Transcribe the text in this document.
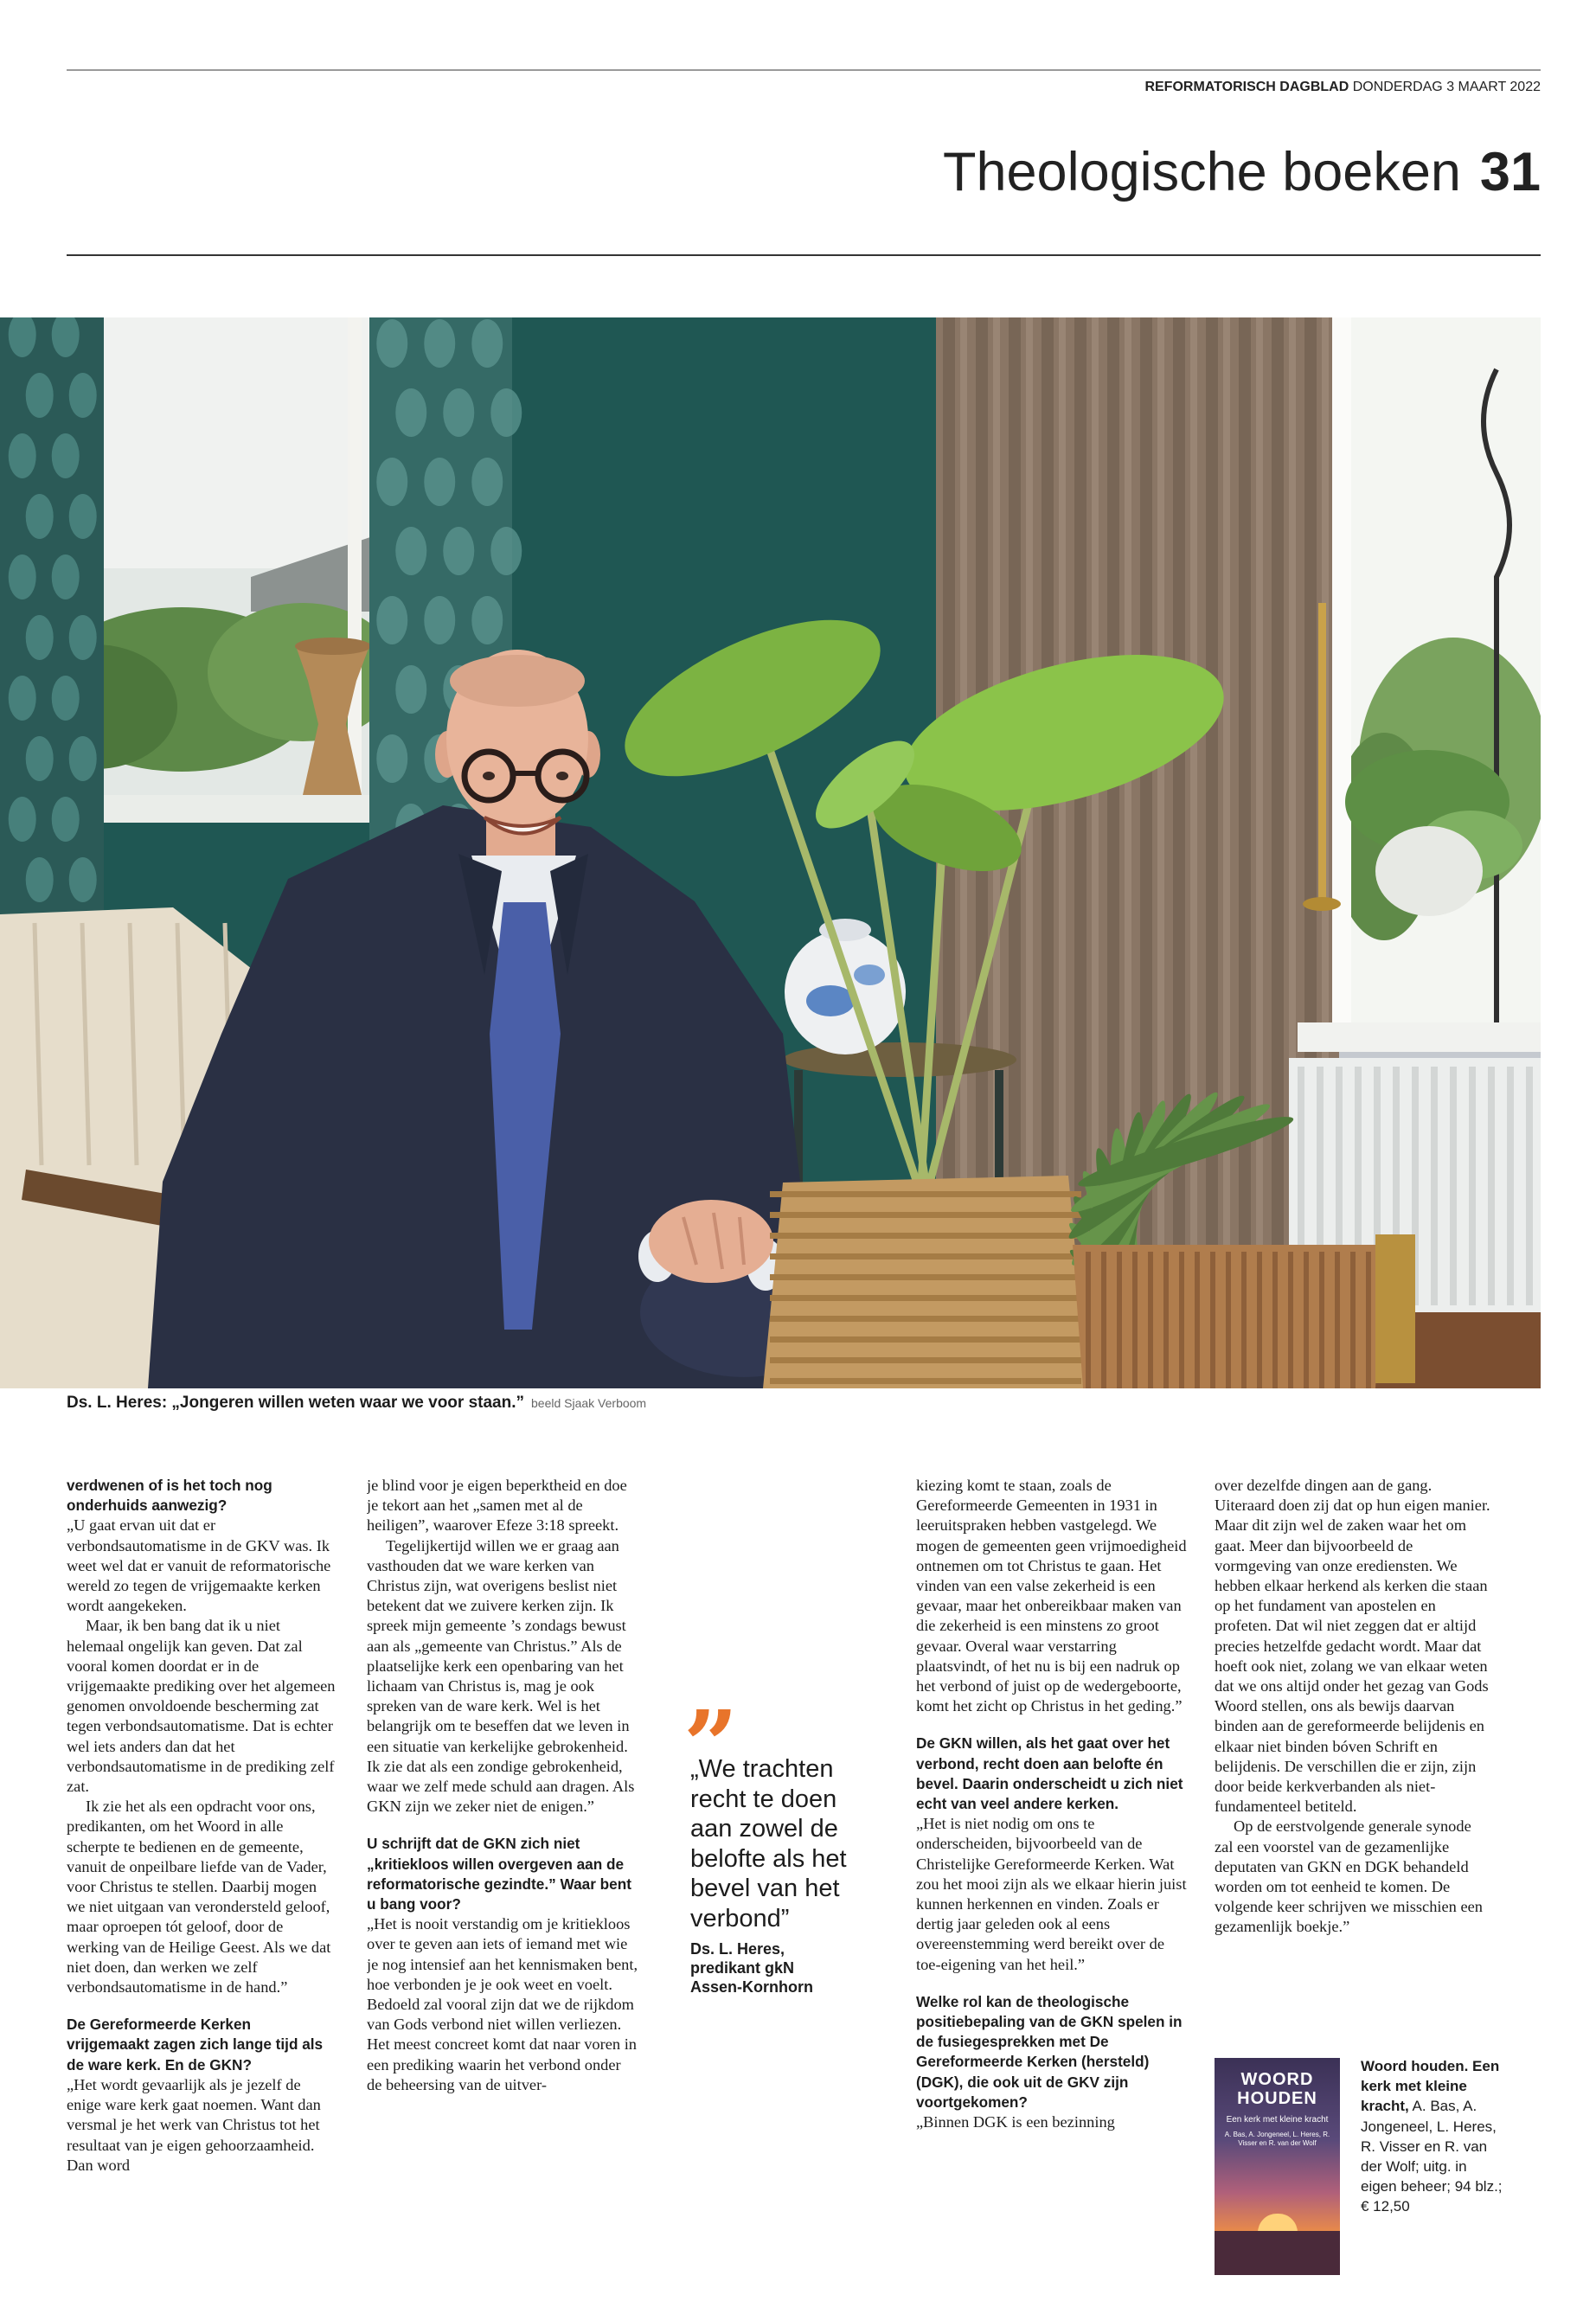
REFORMATORISCH DAGBLAD DONDERDAG 3 MAART 2022
Theologische boeken 31
Ds. L. Heres: „Jongeren willen weten waar we voor staan.” beeld Sjaak Verboom

verdwenen of is het toch nog onderhuids aanwezig?

„U gaat ervan uit dat er verbondsautomatisme in de GKV was. Ik weet wel dat er vanuit de reformatorische wereld zo tegen de vrijgemaakte kerken wordt aangekeken.

Maar, ik ben bang dat ik u niet helemaal ongelijk kan geven. Dat zal vooral komen doordat er in de vrijgemaakte prediking over het algemeen genomen onvoldoende bescherming zat tegen verbondsautomatisme. Dat is echter wel iets anders dan dat het verbondsautomatisme in de prediking zelf zat.

Ik zie het als een opdracht voor ons, predikanten, om het Woord in alle scherpte te bedienen en de gemeente, vanuit de onpeilbare liefde van de Vader, voor Christus te stellen. Daarbij mogen we niet uitgaan van verondersteld geloof, maar oproepen tót geloof, door de werking van de Heilige Geest. Als we dat niet doen, dan werken we zelf verbondsautomatisme in de hand.”

De Gereformeerde Kerken vrijgemaakt zagen zich lange tijd als de ware kerk. En de GKN?

„Het wordt gevaarlijk als je jezelf de enige ware kerk gaat noemen. Want dan versmal je het werk van Christus tot het resultaat van je eigen gehoorzaamheid. Dan word

je blind voor je eigen beperktheid en doe je tekort aan het „samen met al de heiligen”, waarover Efeze 3:18 spreekt.

Tegelijkertijd willen we er graag aan vasthouden dat we ware kerken van Christus zijn, wat overigens beslist niet betekent dat we zuivere kerken zijn. Ik spreek mijn gemeente ’s zondags bewust aan als „gemeente van Christus.” Als de plaatselijke kerk een openbaring van het lichaam van Christus is, mag je ook spreken van de ware kerk. Wel is het belangrijk om te beseffen dat we leven in een situatie van kerkelijke gebrokenheid. Ik zie dat als een zondige gebrokenheid, waar we zelf mede schuld aan dragen. Als GKN zijn we zeker niet de enigen.”

U schrijft dat de GKN zich niet „kritiekloos willen overgeven aan de reformatorische gezindte.” Waar bent u bang voor?

„Het is nooit verstandig om je kritiekloos over te geven aan iets of iemand met wie je nog intensief aan het kennismaken bent, hoe verbonden je je ook weet en voelt. Bedoeld zal vooral zijn dat we de rijkdom van Gods verbond niet willen verliezen. Het meest concreet komt dat naar voren in een prediking waarin het verbond onder de beheersing van de uitver-

„
„We trachten
recht te doen
aan zowel de
belofte als het
bevel van het
verbond”
Ds. L. Heres,
predikant gkN
Assen-Kornhorn

kiezing komt te staan, zoals de Gereformeerde Gemeenten in 1931 in leeruitspraken hebben vastgelegd. We mogen de gemeenten geen vrijmoedigheid ontnemen om tot Christus te gaan. Het vinden van een valse zekerheid is een gevaar, maar het onbereikbaar maken van die zekerheid is een minstens zo groot gevaar. Overal waar verstarring plaatsvindt, of het nu is bij een nadruk op het verbond of juist op de wedergeboorte, komt het zicht op Christus in het geding.”

De GKN willen, als het gaat over het verbond, recht doen aan belofte én bevel. Daarin onderscheidt u zich niet echt van veel andere kerken.

„Het is niet nodig om ons te onderscheiden, bijvoorbeeld van de Christelijke Gereformeerde Kerken. Wat zou het mooi zijn als we elkaar hierin juist kunnen herkennen en vinden. Zoals er dertig jaar geleden ook al eens overeenstemming werd bereikt over de toe-eigening van het heil.”

Welke rol kan de theologische positiebepaling van de GKN spelen in de fusiegesprekken met De Gereformeerde Kerken (hersteld) (DGK), die ook uit de GKV zijn voortgekomen?

„Binnen DGK is een bezinning

over dezelfde dingen aan de gang. Uiteraard doen zij dat op hun eigen manier. Maar dit zijn wel de zaken waar het om gaat. Meer dan bijvoorbeeld de vormgeving van onze erediensten. We hebben elkaar herkend als kerken die staan op het fundament van apostelen en profeten. Dat wil niet zeggen dat er altijd precies hetzelfde gedacht wordt. Maar dat hoeft ook niet, zolang we van elkaar weten dat we ons altijd onder het gezag van Gods Woord stellen, ons als bewijs daarvan binden aan de gereformeerde belijdenis en elkaar niet binden bóven Schrift en belijdenis. De verschillen die er zijn, zijn door beide kerkverbanden als niet-fundamenteel betiteld.

Op de eerstvolgende generale synode zal een voorstel van de gezamenlijke deputaten van GKN en DGK behandeld worden om tot eenheid te komen. De volgende keer schrijven we misschien een gezamenlijk boekje.”

WOORD
HOUDEN
Een kerk met kleine kracht
A. Bas, A. Jongeneel, L. Heres, R. Visser en R. van der Wolf
Woord houden. Een kerk met kleine kracht, A. Bas, A. Jongeneel, L. Heres, R. Visser en R. van der Wolf; uitg. in eigen beheer; 94 blz.; € 12,50
